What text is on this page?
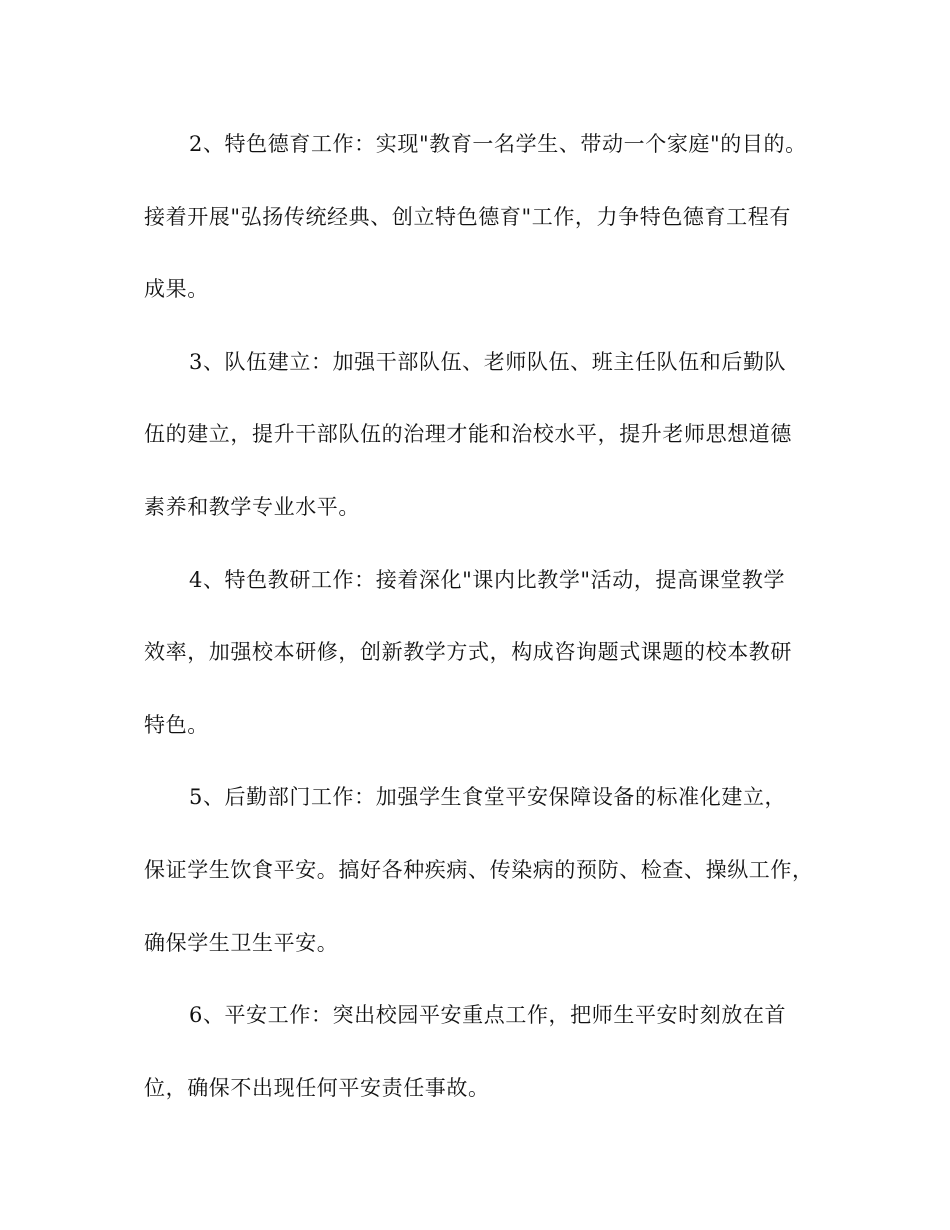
2、特色德育工作：实现"教育一名学生、带动一个家庭"的目的。
接着开展"弘扬传统经典、创立特色德育"工作，力争特色德育工程有
成果。
3、队伍建立：加强干部队伍、老师队伍、班主任队伍和后勤队
伍的建立，提升干部队伍的治理才能和治校水平，提升老师思想道德
素养和教学专业水平。
4、特色教研工作：接着深化"课内比教学"活动，提高课堂教学
效率，加强校本研修，创新教学方式，构成咨询题式课题的校本教研
特色。
5、后勤部门工作：加强学生食堂平安保障设备的标准化建立，
保证学生饮食平安。搞好各种疾病、传染病的预防、检查、操纵工作，
确保学生卫生平安。
6、平安工作：突出校园平安重点工作，把师生平安时刻放在首
位，确保不出现任何平安责任事故。
